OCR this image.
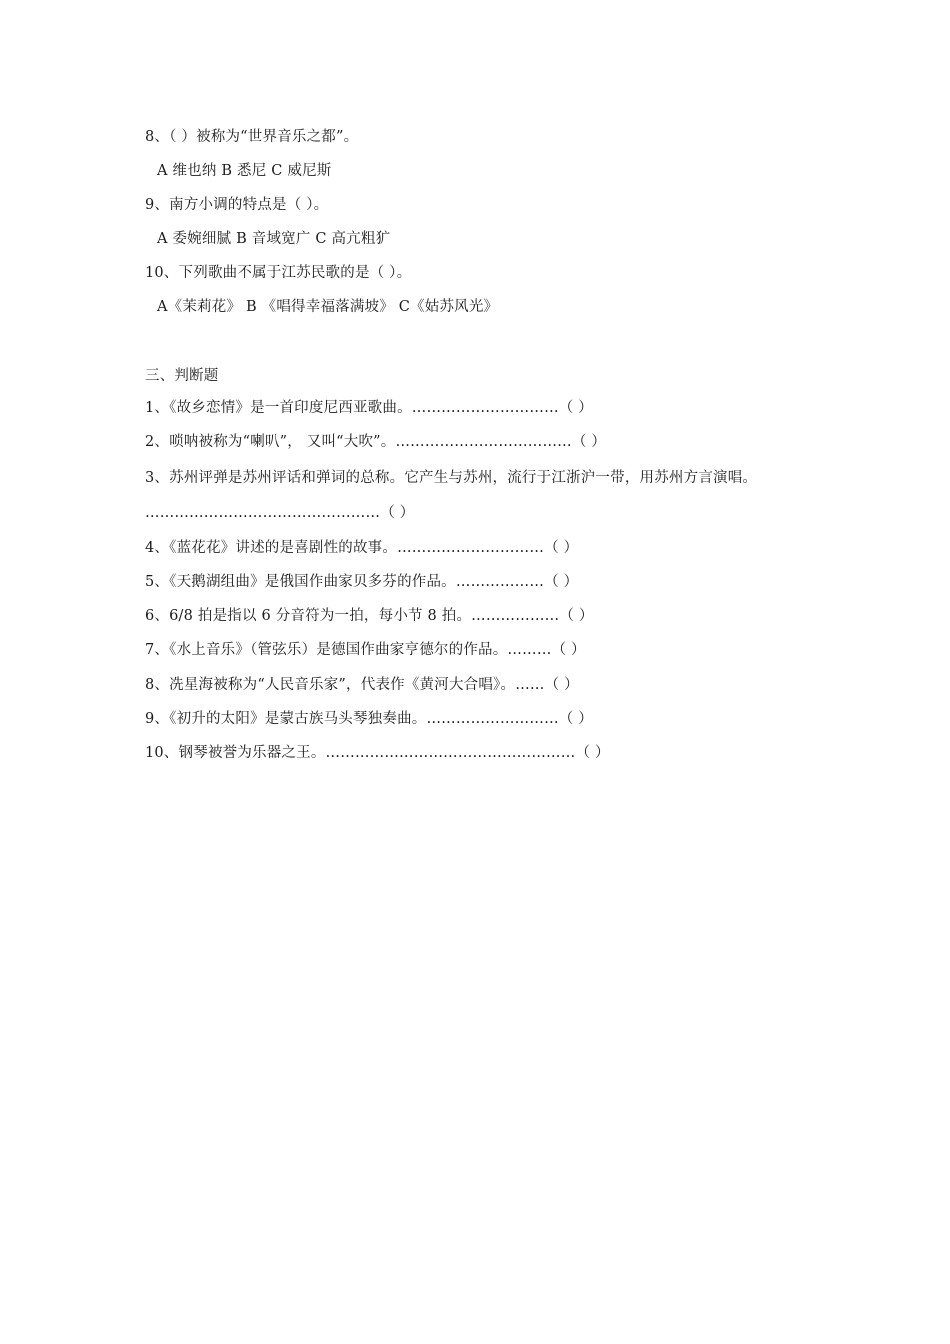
8、（ ）被称为“世界音乐之都”。
A 维也纳 B 悉尼 C 威尼斯
9、南方小调的特点是（ ）。
A 委婉细腻 B 音域宽广 C 高亢粗犷
10、下列歌曲不属于江苏民歌的是（ ）。
A《茉莉花》 B 《唱得幸福落满坡》 C《姑苏风光》
三、判断题
1、《故乡恋情》是一首印度尼西亚歌曲。…………………………（ ）
2、唢呐被称为“喇叭”， 又叫“大吹”。………………………………（ ）
3、苏州评弹是苏州评话和弹词的总称。它产生与苏州，流行于江浙沪一带，用苏州方言演唱。
…………………………………………（ ）
4、《蓝花花》讲述的是喜剧性的故事。…………………………（ ）
5、《天鹅湖组曲》是俄国作曲家贝多芬的作品。………………（ ）
6、6/8 拍是指以 6 分音符为一拍，每小节 8 拍。………………（ ）
7、《水上音乐》（管弦乐）是德国作曲家亨德尔的作品。………（ ）
8、冼星海被称为“人民音乐家”，代表作《黄河大合唱》。……（ ）
9、《初升的太阳》是蒙古族马头琴独奏曲。………………………（ ）
10、钢琴被誉为乐器之王。……………………………………………（ ）
